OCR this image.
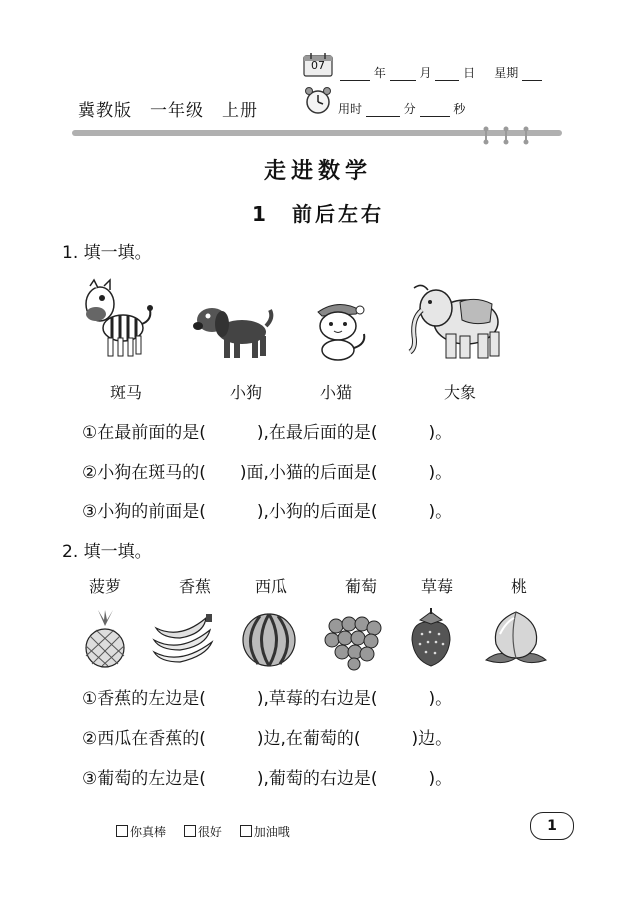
冀教版　一年级　上册
07
年	月	日 星期
用时	分	秒
走进数学
1　前后左右
1. 填一填。
斑马	小狗	小猫	大象
①在最前面的是(　　　),在最后面的是(　　　)。
②小狗在斑马的(　　)面,小猫的后面是(　　　)。
③小狗的前面是(　　　),小狗的后面是(　　　)。
2. 填一填。
菠萝	香蕉	西瓜	葡萄	草莓	桃
①香蕉的左边是(　　　),草莓的右边是(　　　)。
②西瓜在香蕉的(　　　)边,在葡萄的(　　　)边。
③葡萄的左边是(　　　),葡萄的右边是(　　　)。
你真棒	很好	加油哦	1
